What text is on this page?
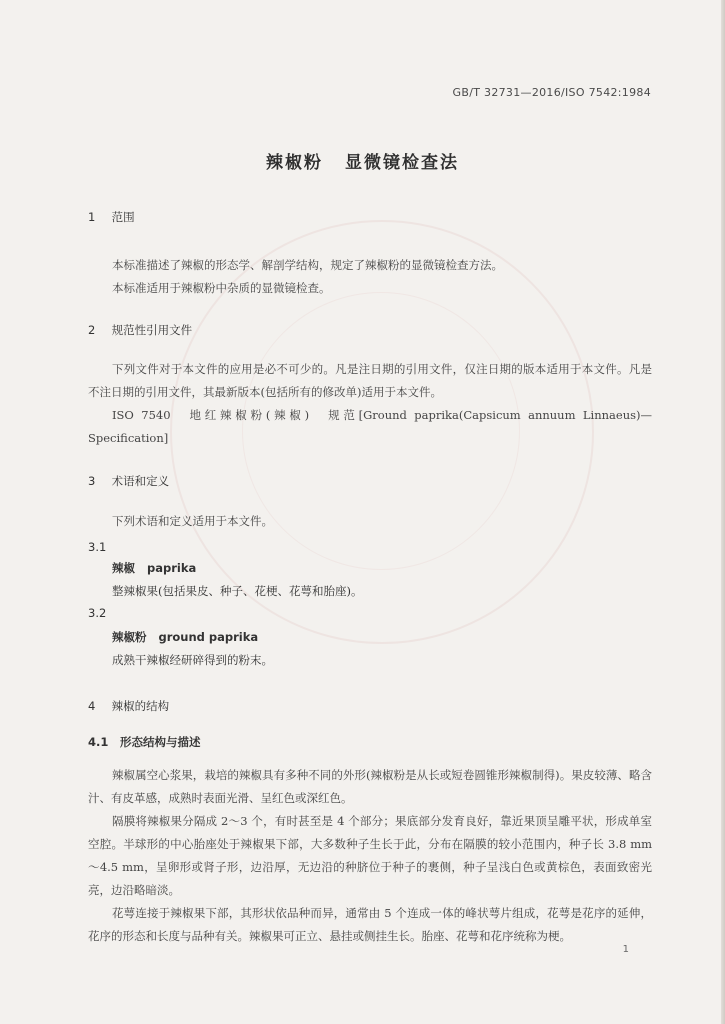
GB/T 32731—2016/ISO 7542:1984
辣椒粉 显微镜检查法
1 范围
本标准描述了辣椒的形态学、解剖学结构，规定了辣椒粉的显微镜检查方法。
本标准适用于辣椒粉中杂质的显微镜检查。
2 规范性引用文件
下列文件对于本文件的应用是必不可少的。凡是注日期的引用文件，仅注日期的版本适用于本文件。凡是不注日期的引用文件，其最新版本(包括所有的修改单)适用于本文件。
ISO 7540　地红辣椒粉(辣椒)　规范[Ground paprika(Capsicum annuum Linnaeus)—Specification]
3 术语和定义
下列术语和定义适用于本文件。
3.1
辣椒 paprika
整辣椒果(包括果皮、种子、花梗、花萼和胎座)。
3.2
辣椒粉 ground paprika
成熟干辣椒经研碎得到的粉末。
4 辣椒的结构
4.1 形态结构与描述
辣椒属空心浆果，栽培的辣椒具有多种不同的外形(辣椒粉是从长或短卷圆锥形辣椒制得)。果皮较薄、略含汁、有皮革感，成熟时表面光滑、呈红色或深红色。
隔膜将辣椒果分隔成 2～3 个，有时甚至是 4 个部分；果底部分发育良好，靠近果顶呈雕平状，形成单室空腔。半球形的中心胎座处于辣椒果下部，大多数种子生长于此，分布在隔膜的较小范围内，种子长 3.8 mm～4.5 mm，呈卵形或肾子形，边沿厚，无边沿的种脐位于种子的裹侧，种子呈浅白色或黄棕色，表面致密光亮，边沿略暗淡。
花萼连接于辣椒果下部，其形状依品种而异，通常由 5 个连成一体的峰状萼片组成，花萼是花序的延伸，花序的形态和长度与品种有关。辣椒果可正立、悬挂或侧挂生长。胎座、花萼和花序统称为梗。
1
